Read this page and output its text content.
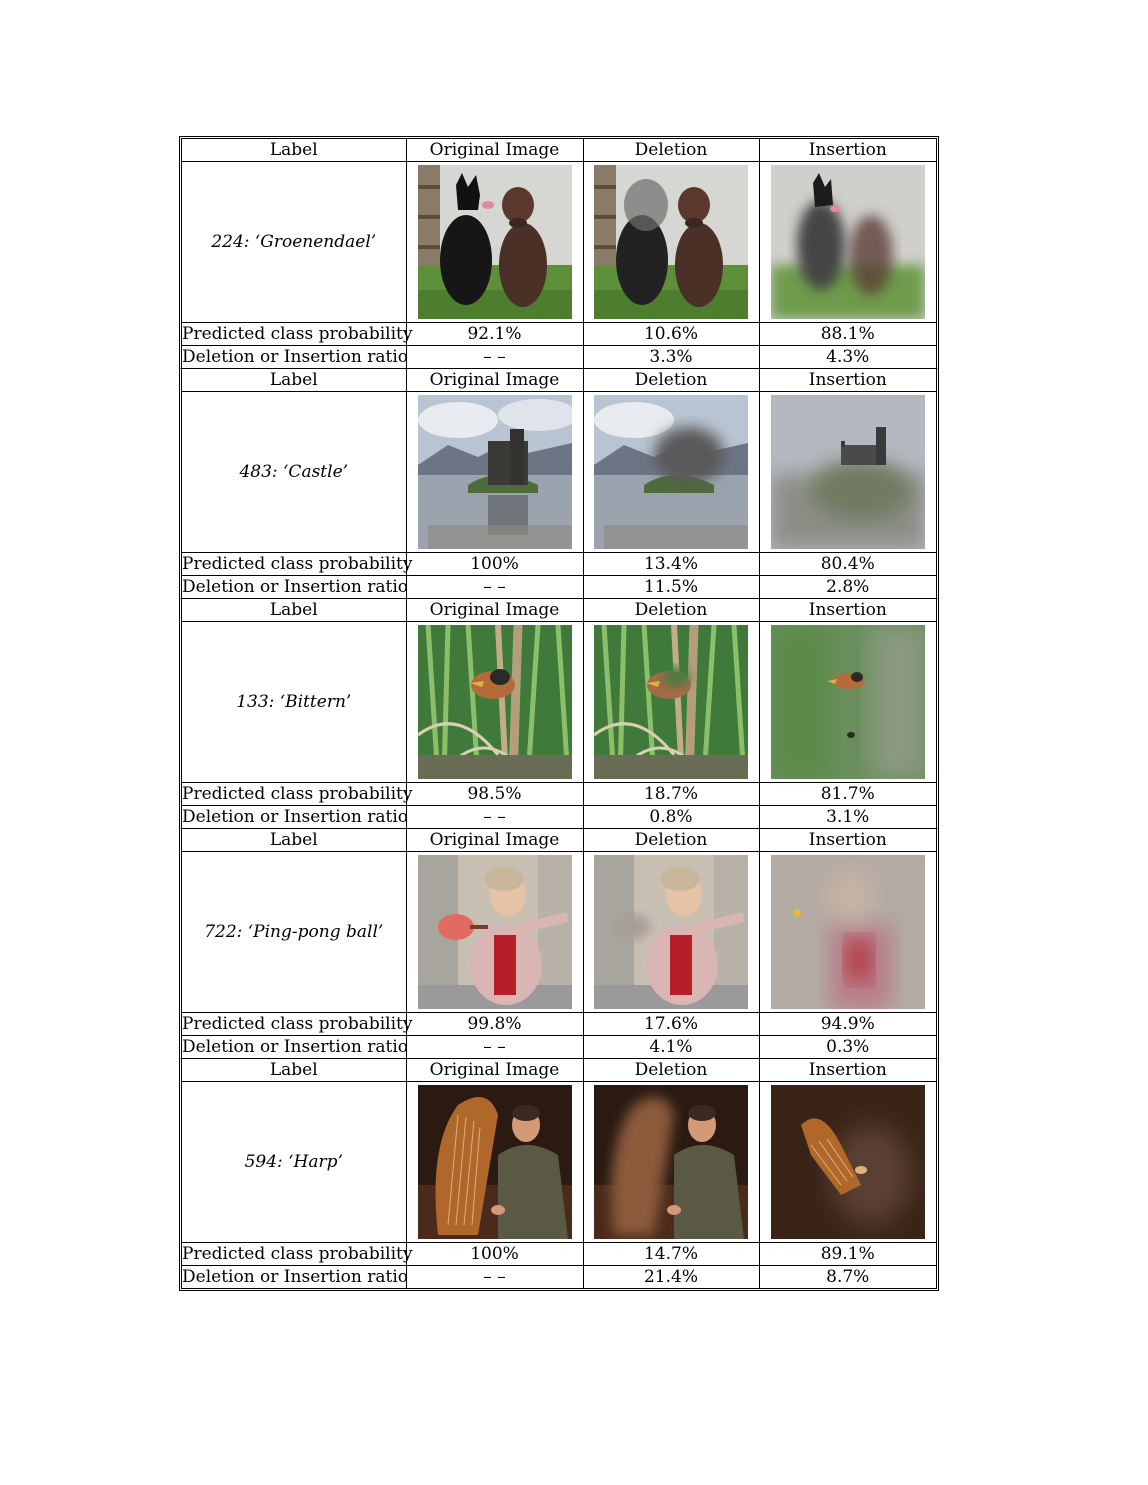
Label	Original Image	Deletion	Insertion
224: ‘Groenendael’	

Predicted class probability	92.1%	10.6%	88.1%
Deletion or Insertion ratio	– –	3.3%	4.3%
Label	Original Image	Deletion	Insertion
483: ‘Castle’	

Predicted class probability	100%	13.4%	80.4%
Deletion or Insertion ratio	– –	11.5%	2.8%
Label	Original Image	Deletion	Insertion
133: ‘Bittern’	

Predicted class probability	98.5%	18.7%	81.7%
Deletion or Insertion ratio	– –	0.8%	3.1%
Label	Original Image	Deletion	Insertion
722: ‘Ping-pong ball’	

Predicted class probability	99.8%	17.6%	94.9%
Deletion or Insertion ratio	– –	4.1%	0.3%
Label	Original Image	Deletion	Insertion
594: ‘Harp’	

Predicted class probability	100%	14.7%	89.1%
Deletion or Insertion ratio	– –	21.4%	8.7%
